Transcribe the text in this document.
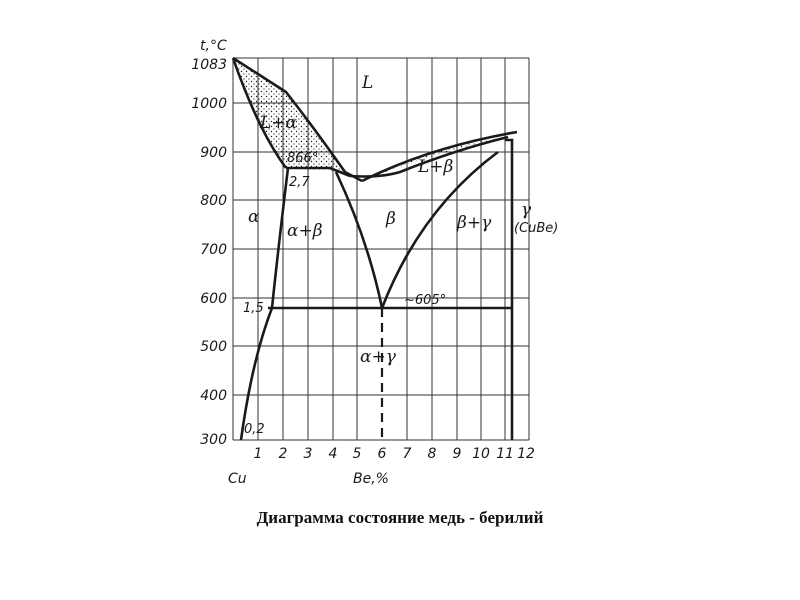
t,°C
1083
1000
900
800
700
600
500
400
300
1 2 3 4 5 6 7 8 9 10 11 12
Cu	Be,%
L
L+α
L+β
α
α+β
β	β+γ
γ
(CuBe)
α+γ
866°
2,7
~605°
1,5
0,2
Диаграмма состояние медь - берилий
